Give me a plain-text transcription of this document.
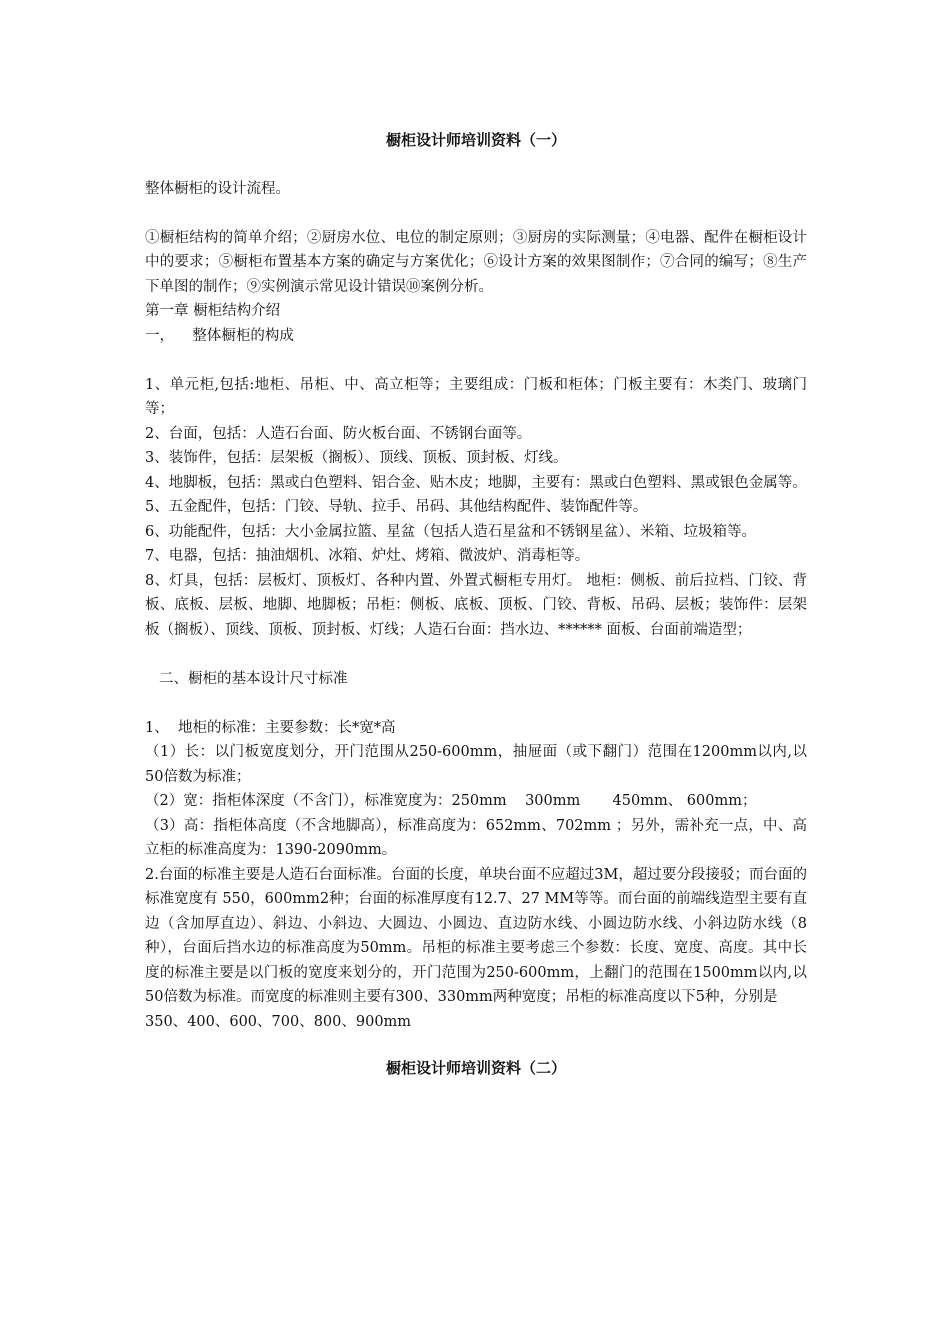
橱柜设计师培训资料（一）

整体橱柜的设计流程。

①橱柜结构的简单介绍；②厨房水位、电位的制定原则；③厨房的实际测量；④电器、配件在橱柜设计中的要求；⑤橱柜布置基本方案的确定与方案优化；⑥设计方案的效果图制作；⑦合同的编写；⑧生产下单图的制作；⑨实例演示常见设计错误⑩案例分析。

第一章 橱柜结构介绍

一，    整体橱柜的构成

1、单元柜,包括:地柜、吊柜、中、高立柜等；主要组成：门板和柜体；门板主要有：木类门、玻璃门等；

2、台面，包括：人造石台面、防火板台面、不锈钢台面等。

3、装饰件，包括：层架板（搁板）、顶线、顶板、顶封板、灯线。

4、地脚板，包括：黑或白色塑料、铝合金、贴木皮；地脚，主要有：黑或白色塑料、黑或银色金属等。

5、五金配件，包括：门铰、导轨、拉手、吊码、其他结构配件、装饰配件等。

6、功能配件，包括：大小金属拉篮、星盆（包括人造石星盆和不锈钢星盆）、米箱、垃圾箱等。

7、电器，包括：抽油烟机、冰箱、炉灶、烤箱、微波炉、消毒柜等。

8、灯具，包括：层板灯、顶板灯、各种内置、外置式橱柜专用灯。 地柜：侧板、前后拉档、门铰、背板、底板、层板、地脚、地脚板；吊柜：侧板、底板、顶板、门铰、背板、吊码、层板；装饰件：层架板（搁板）、顶线、顶板、顶封板、灯线；人造石台面：挡水边、****** 面板、台面前端造型；

二、橱柜的基本设计尺寸标准

1、  地柜的标准：主要参数：长*宽*高

（1）长：以门板宽度划分，开门范围从250-600mm，抽屉面（或下翻门）范围在1200mm以内,以50倍数为标准；

（2）宽：指柜体深度（不含门），标准宽度为：250mm    300mm       450mm、 600mm；

（3）高：指柜体高度（不含地脚高），标准高度为：652mm、702mm ；另外，需补充一点，中、高立柜的标准高度为：1390-2090mm。

2.台面的标准主要是人造石台面标准。台面的长度，单块台面不应超过3M，超过要分段接驳；而台面的标准宽度有 550，600mm2种；台面的标准厚度有12.7、27 MM等等。而台面的前端线造型主要有直边（含加厚直边）、斜边、小斜边、大圆边、小圆边、直边防水线、小圆边防水线、小斜边防水线（8种），台面后挡水边的标准高度为50mm。吊柜的标准主要考虑三个参数：长度、宽度、高度。其中长度的标准主要是以门板的宽度来划分的，开门范围为250-600mm，上翻门的范围在1500mm以内,以50倍数为标准。而宽度的标准则主要有300、330mm两种宽度；吊柜的标准高度以下5种，分别是

350、400、600、700、800、900mm

橱柜设计师培训资料（二）
